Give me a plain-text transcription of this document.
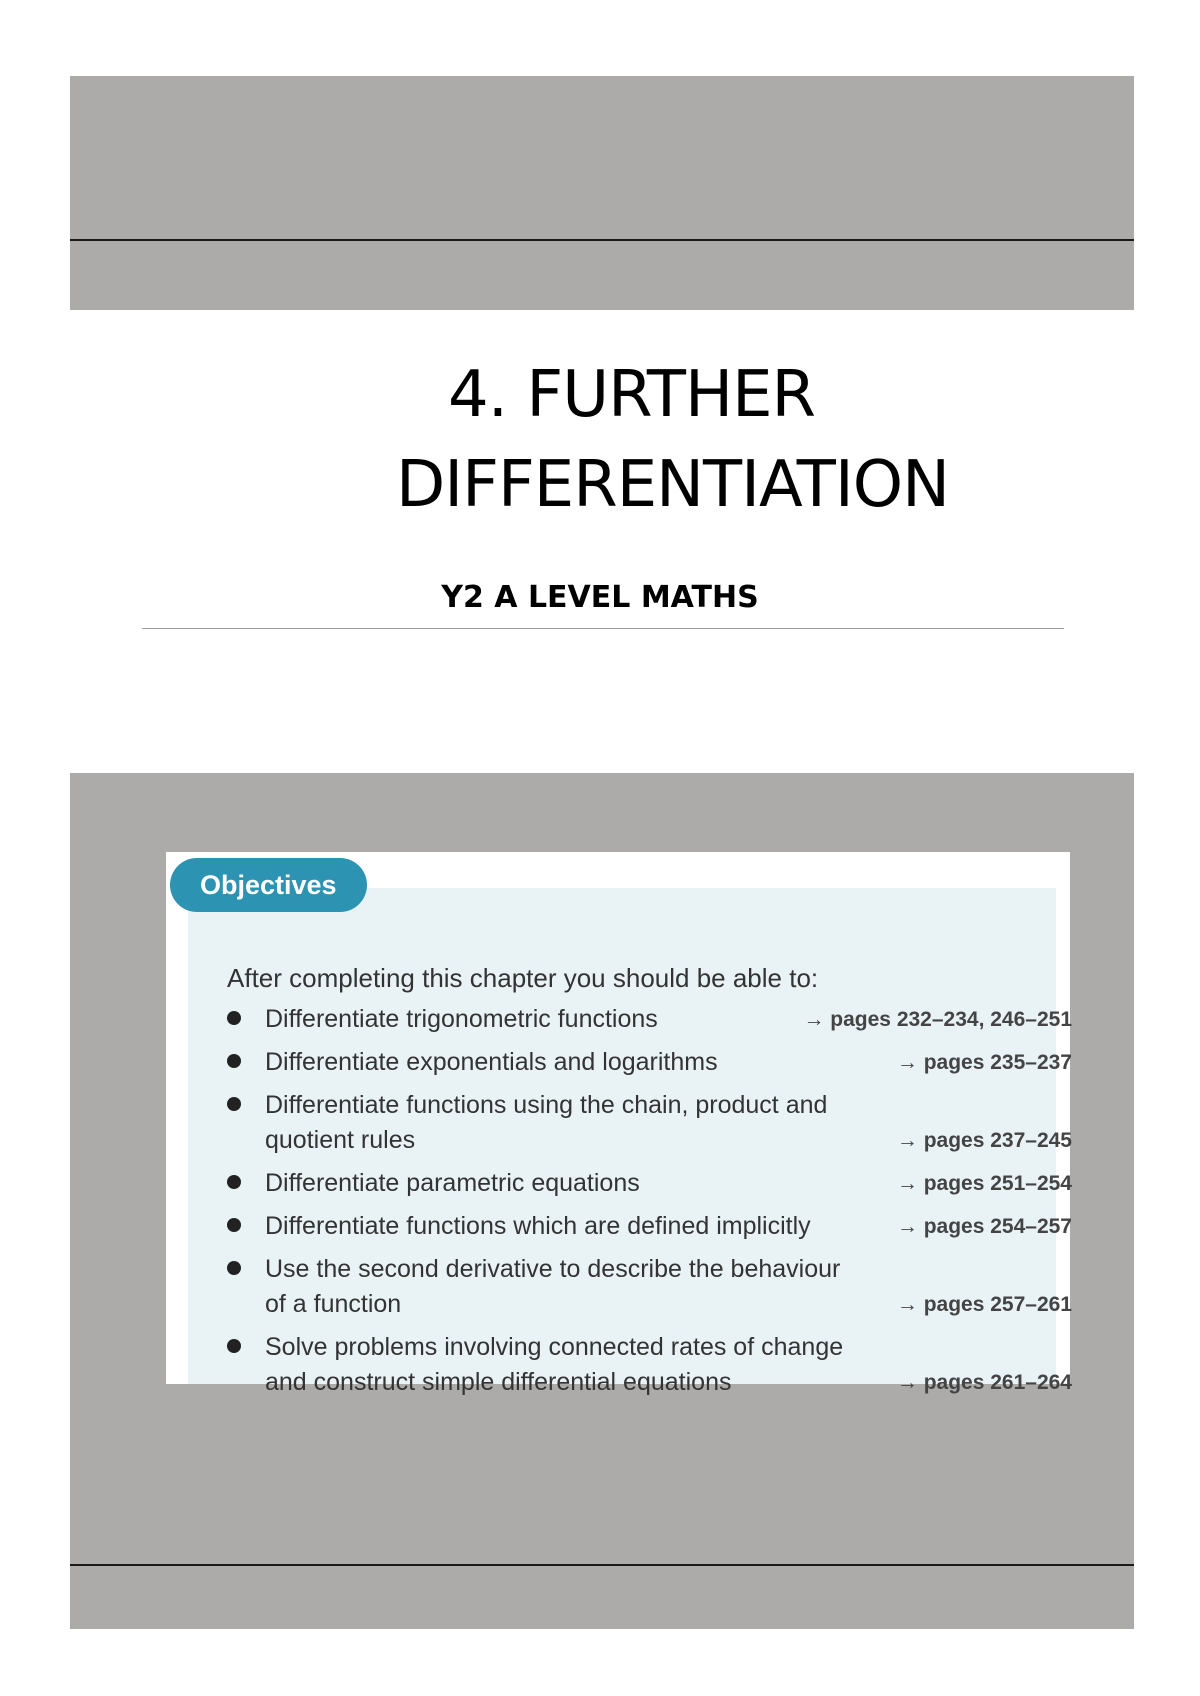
4. FURTHER
DIFFERENTIATION
Y2 A LEVEL MATHS
After completing this chapter you should be able to:
Differentiate trigonometric functions	→ pages 232–234, 246–251
Differentiate exponentials and logarithms	→ pages 235–237
Differentiate functions using the chain, product and
quotient rules	→ pages 237–245
Differentiate parametric equations	→ pages 251–254
Differentiate functions which are defined implicitly	→ pages 254–257
Use the second derivative to describe the behaviour
of a function	→ pages 257–261
Solve problems involving connected rates of change
and construct simple differential equations	→ pages 261–264
Objectives
